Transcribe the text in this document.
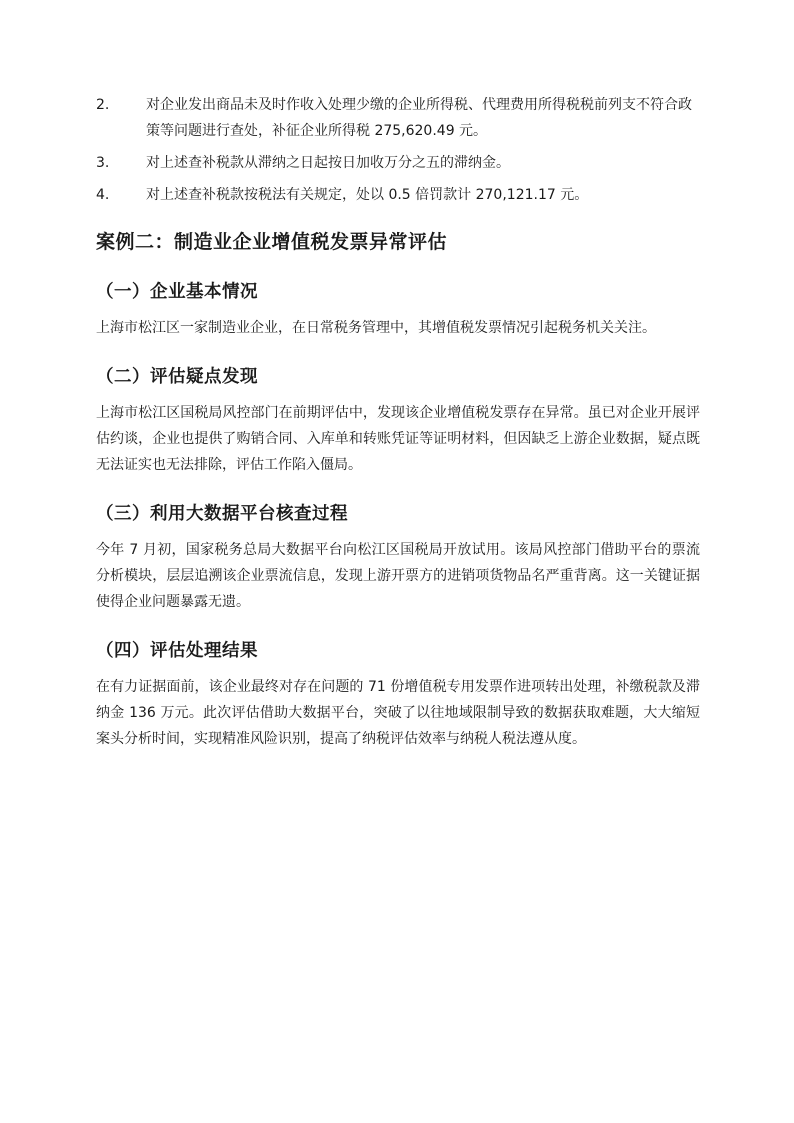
2.	对企业发出商品未及时作收入处理少缴的企业所得税、代理费用所得税税前列支不符合政策等问题进行查处，补征企业所得税 275,620.49 元。
3.	对上述查补税款从滞纳之日起按日加收万分之五的滞纳金。
4.	对上述查补税款按税法有关规定，处以 0.5 倍罚款计 270,121.17 元。
案例二：制造业企业增值税发票异常评估
（一）企业基本情况

上海市松江区一家制造业企业，在日常税务管理中，其增值税发票情况引起税务机关关注。

（二）评估疑点发现

上海市松江区国税局风控部门在前期评估中，发现该企业增值税发票存在异常。虽已对企业开展评估约谈，企业也提供了购销合同、入库单和转账凭证等证明材料，但因缺乏上游企业数据，疑点既无法证实也无法排除，评估工作陷入僵局。

（三）利用大数据平台核查过程

今年 7 月初，国家税务总局大数据平台向松江区国税局开放试用。该局风控部门借助平台的票流分析模块，层层追溯该企业票流信息，发现上游开票方的进销项货物品名严重背离。这一关键证据使得企业问题暴露无遗。

（四）评估处理结果

在有力证据面前，该企业最终对存在问题的 71 份增值税专用发票作进项转出处理，补缴税款及滞纳金 136 万元。此次评估借助大数据平台，突破了以往地域限制导致的数据获取难题，大大缩短案头分析时间，实现精准风险识别，提高了纳税评估效率与纳税人税法遵从度。
